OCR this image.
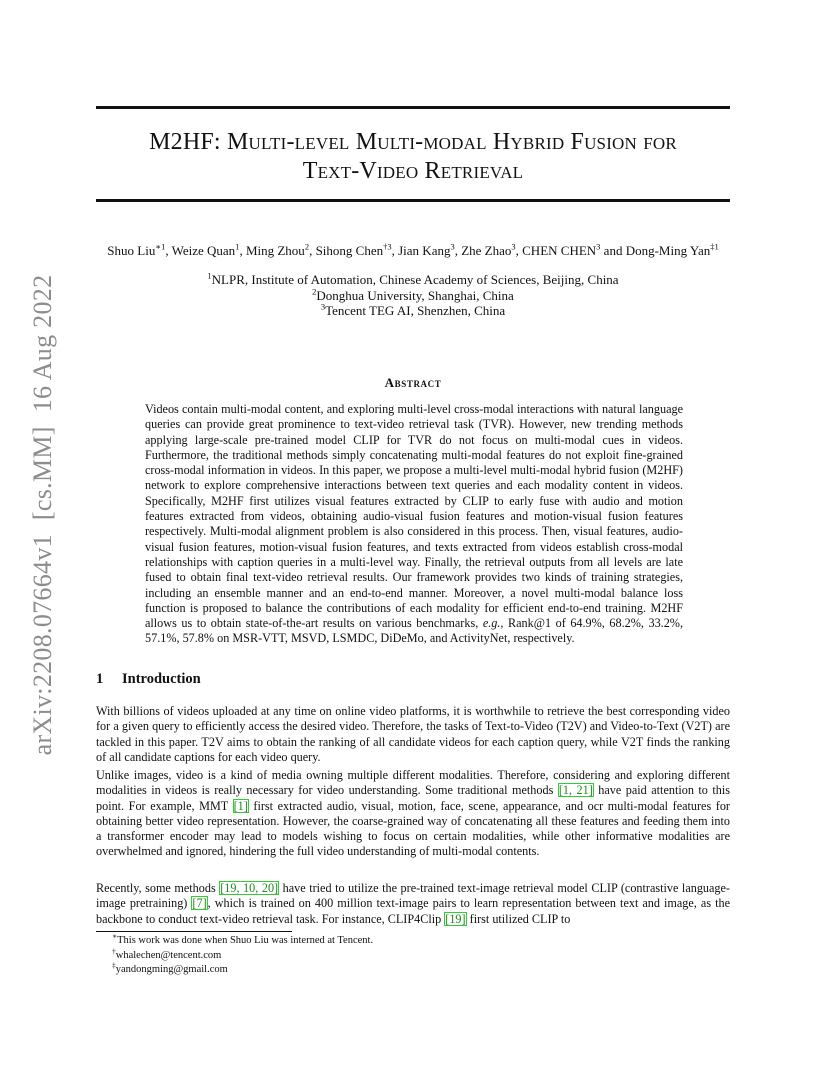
arXiv:2208.07664v1[cs.MM]16 Aug 2022
M2HF: Multi-level Multi-modal Hybrid Fusion for
Text-Video Retrieval
Shuo Liu$^{∗1}$, Weize Quan$^1$, Ming Zhou$^2$, Sihong Chen$^{\dagger 3}$, Jian Kang$^3$, Zhe Zhao$^3$, CHEN CHEN$^3$ and Dong-Ming Yan$^{\ddagger 1}$
$^1$NLPR, Institute of Automation, Chinese Academy of Sciences, Beijing, China
$^2$Donghua University, Shanghai, China
$^3$Tencent TEG AI, Shenzhen, China
Abstract
Videos contain multi-modal content, and exploring multi-level cross-modal interactions with natural language queries can provide great prominence to text-video retrieval task (TVR). However, new trending methods applying large-scale pre-trained model CLIP for TVR do not focus on multi-modal cues in videos. Furthermore, the traditional methods simply concatenating multi-modal features do not exploit fine-grained cross-modal information in videos. In this paper, we propose a multi-level multi-modal hybrid fusion (M2HF) network to explore comprehensive interactions between text queries and each modality content in videos. Specifically, M2HF first utilizes visual features extracted by CLIP to early fuse with audio and motion features extracted from videos, obtaining audio-visual fusion features and motion-visual fusion features respectively. Multi-modal alignment problem is also considered in this process. Then, visual features, audio-visual fusion features, motion-visual fusion features, and texts extracted from videos establish cross-modal relationships with caption queries in a multi-level way. Finally, the retrieval outputs from all levels are late fused to obtain final text-video retrieval results. Our framework provides two kinds of training strategies, including an ensemble manner and an end-to-end manner. Moreover, a novel multi-modal balance loss function is proposed to balance the contributions of each modality for efficient end-to-end training. M2HF allows us to obtain state-of-the-art results on various benchmarks, e.g., Rank@1 of 64.9%, 68.2%, 33.2%, 57.1%, 57.8% on MSR-VTT, MSVD, LSMDC, DiDeMo, and ActivityNet, respectively.
1 Introduction
With billions of videos uploaded at any time on online video platforms, it is worthwhile to retrieve the best corresponding video for a given query to efficiently access the desired video. Therefore, the tasks of Text-to-Video (T2V) and Video-to-Text (V2T) are tackled in this paper. T2V aims to obtain the ranking of all candidate videos for each caption query, while V2T finds the ranking of all candidate captions for each video query.
Unlike images, video is a kind of media owning multiple different modalities. Therefore, considering and exploring different modalities in videos is really necessary for video understanding. Some traditional methods [1, 21] have paid attention to this point. For example, MMT [1] first extracted audio, visual, motion, face, scene, appearance, and ocr multi-modal features for obtaining better video representation. However, the coarse-grained way of concatenating all these features and feeding them into a transformer encoder may lead to models wishing to focus on certain modalities, while other informative modalities are overwhelmed and ignored, hindering the full video understanding of multi-modal contents.
Recently, some methods [19, 10, 20] have tried to utilize the pre-trained text-image retrieval model CLIP (contrastive language-image pretraining) [7], which is trained on 400 million text-image pairs to learn representation between text and image, as the backbone to conduct text-video retrieval task. For instance, CLIP4Clip [19] first utilized CLIP to
∗This work was done when Shuo Liu was interned at Tencent.
†whalechen@tencent.com
‡yandongming@gmail.com
